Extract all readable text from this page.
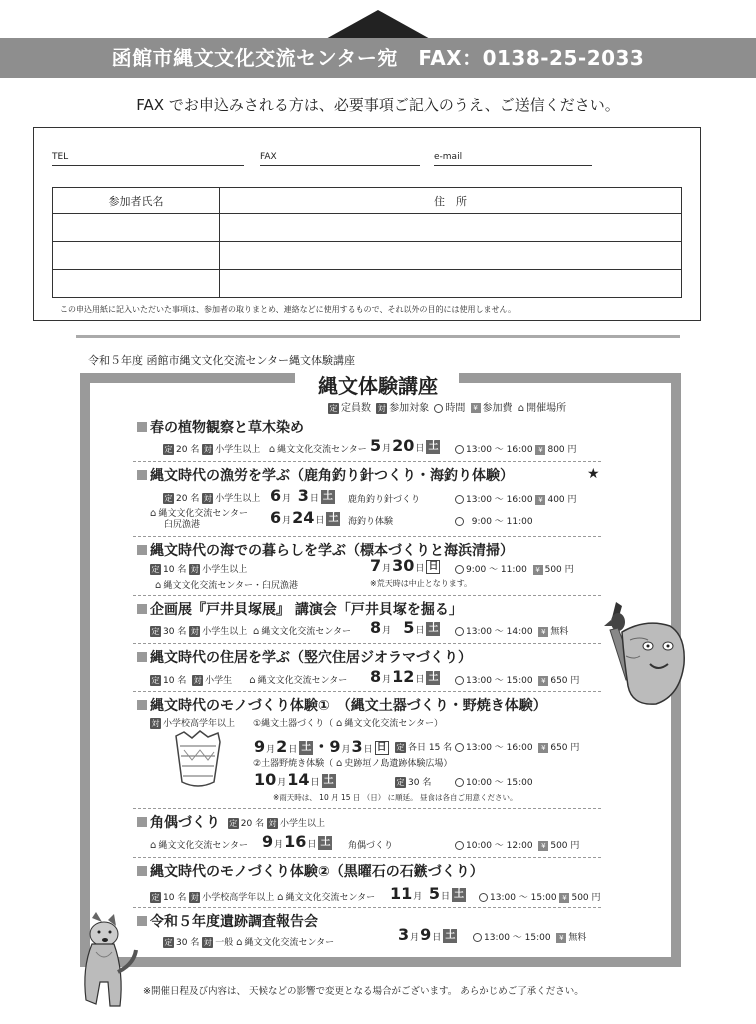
函館市縄文文化交流センター宛　FAX：0138-25-2033
FAX でお申込みされる方は、必要事項ご記入のうえ、ご送信ください。
TEL	FAX	e-mail
参加者氏名	住　所

この申込用紙に記入いただいた事項は、参加者の取りまとめ、連絡などに使用するもので、それ以外の目的には使用しません。
令和５年度 函館市縄文文化交流センター縄文体験講座
縄文体験講座
定 定員数 対 参加対象 時間 ¥ 参加費 ⌂ 開催場所
春の植物観察と草木染め
定 20 名 対 小学生以上 ⌂ 縄文文化交流センター 5月20日 土	13:00 ～ 16:00 ¥ 800 円
縄文時代の漁労を学ぶ（鹿角釣り針つくり・海釣り体験）	★
定 20 名 対 小学生以上
⌂ 縄文文化交流センター
臼尻漁港
6月 3日 土 鹿角釣り針づくり	13:00 ～ 16:00 ¥ 400 円
6月24日 土 海釣り体験	9:00 ～ 11:00
縄文時代の海での暮らしを学ぶ（標本づくりと海浜清掃）
定 10 名 対 小学生以上
⌂ 縄文文化交流センター・臼尻漁港
7月30日 日	9:00 ～ 11:00 ¥ 500 円
※荒天時は中止となります。
企画展『戸井貝塚展』 講演会「戸井貝塚を掘る」
定 30 名 対 小学生以上 ⌂ 縄文文化交流センター 8月 5日 土	13:00 ～ 14:00 ¥ 無料
縄文時代の住居を学ぶ（竪穴住居ジオラマづくり）
定 10 名 対 小学生 ⌂ 縄文文化交流センター 8月12日 土	13:00 ～ 15:00 ¥ 650 円
縄文時代のモノづくり体験①　（縄文土器づくり・野焼き体験）
対 小学校高学年以上 ①縄文土器づくり（ ⌂ 縄文文化交流センター）
9月2日 土 ・9月3日 日 定 各日 15 名	13:00 ～ 16:00 ¥ 650 円
②土器野焼き体験（ ⌂ 史跡垣ノ島遺跡体験広場）
10月14日 土	定 30 名	10:00 ～ 15:00
※雨天時は、 10 月 15 日 （日） に順延。 昼食は各自ご用意ください。
角偶づくり 定 20 名 対 小学生以上
⌂ 縄文文化交流センター 9月16日 土 角偶づくり	10:00 ～ 12:00 ¥ 500 円
縄文時代のモノづくり体験②（黒曜石の石鏃づくり）
定 10 名 対 小学校高学年以上 ⌂ 縄文文化交流センター 11月 5日 土	13:00 ～ 15:00 ¥ 500 円
令和５年度遺跡調査報告会
定 30 名 対 一般 ⌂ 縄文文化交流センター	3月9日 土	13:00 ～ 15:00 ¥ 無料
※開催日程及び内容は、 天候などの影響で変更となる場合がございます。 あらかじめご了承ください。
